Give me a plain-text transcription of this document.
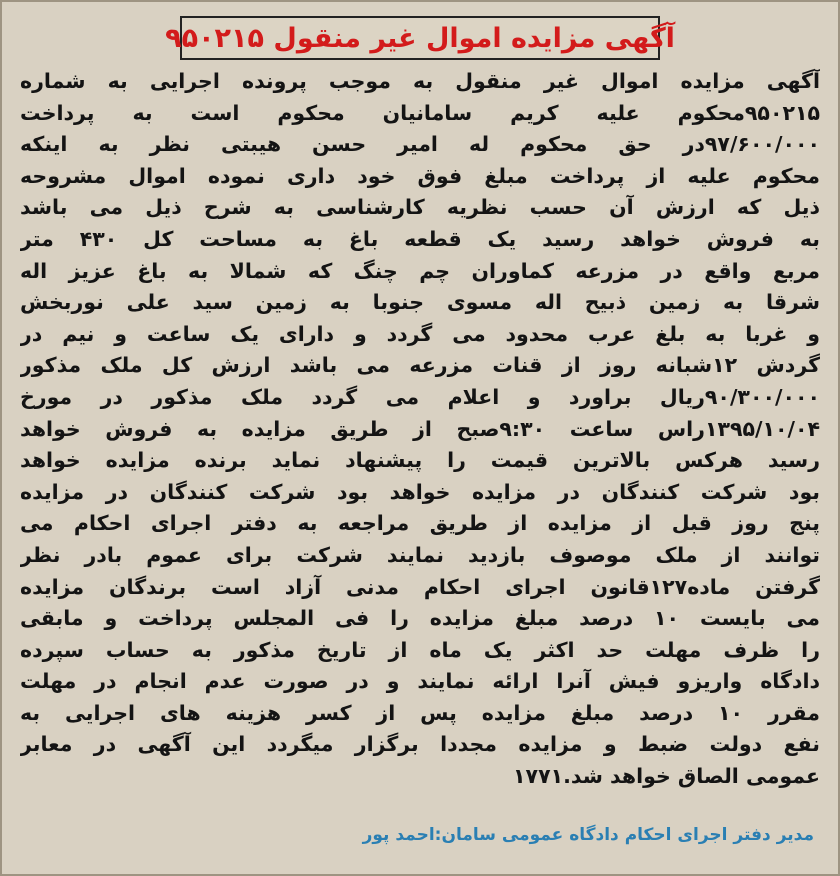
آگهی مزایده اموال غیر منقول ۹۵۰۲۱۵
آگهی مزایده اموال غیر منقول به موجب پرونده اجرایی به شماره
۹۵۰۲۱۵محکوم علیه کریم سامانیان محکوم است به پرداخت
۹۷/۶۰۰/۰۰۰در حق محکوم له امیر حسن هیبتی نظر به اینکه
محکوم علیه از پرداخت مبلغ فوق خود داری نموده اموال مشروحه
ذیل که ارزش آن حسب نظریه کارشناسی به شرح ذیل می باشد
به فروش خواهد رسید یک قطعه باغ به مساحت کل ۴۳۰ متر
مربع واقع در مزرعه کماوران چم چنگ که شمالا به باغ عزیز اله
شرقا به زمین ذبیح اله مسوی جنوبا به زمین سید علی نوربخش
و غربا به بلغ عرب محدود می گردد و دارای یک ساعت و نیم در
گردش ۱۲شبانه روز از قنات مزرعه می باشد ارزش کل ملک مذکور
۹۰/۳۰۰/۰۰۰ریال براورد و اعلام می گردد ملک مذکور در مورخ
۱۳۹۵/۱۰/۰۴راس ساعت ۹:۳۰صبح از طریق مزایده به فروش خواهد
رسید هرکس بالاترین قیمت را پیشنهاد نماید برنده مزایده خواهد
بود شرکت کنندگان در مزایده خواهد بود شرکت کنندگان در مزایده
پنج روز قبل از مزایده از طریق مراجعه به دفتر اجرای احکام می
توانند از ملک موصوف بازدید نمایند شرکت برای عموم بادر نظر
گرفتن ماده۱۲۷قانون اجرای احکام مدنی آزاد است برندگان مزایده
می بایست ۱۰ درصد مبلغ مزایده را فی المجلس پرداخت و مابقی
را ظرف مهلت حد اکثر یک ماه از تاریخ مذکور به حساب سپرده
دادگاه واریزو فیش آنرا ارائه نمایند و در صورت عدم انجام در مهلت
مقرر ۱۰ درصد مبلغ مزایده پس از کسر هزینه های اجرایی به
نفع دولت ضبط و مزایده مجددا برگزار میگردد این آگهی در معابر
عمومی الصاق خواهد شد.۱۷۷۱
مدیر دفتر اجرای احکام دادگاه عمومی سامان:احمد پور
